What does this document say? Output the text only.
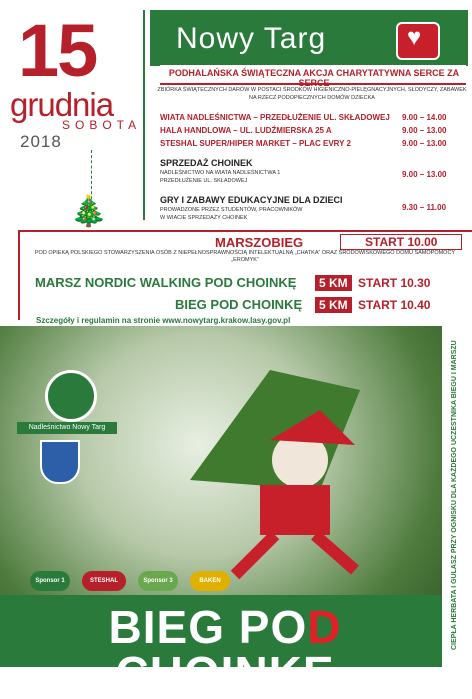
15
grudnia
SOBOTA
2018
🎄
Nowy Targ	♥
PODHALAŃSKA ŚWIĄTECZNA AKCJA CHARYTATYWNA SERCE ZA SERCE
ZBIÓRKA ŚWIĄTECZNYCH DARÓW W POSTACI ŚRODKÓW HIGIENICZNO-PIELĘGNACYJNYCH, SŁODYCZY, ZABAWEK
NA RZECZ PODOPIECZNYCH DOMÓW DZIECKA
WIATA NADLEŚNICTWA – PRZEDŁUŻENIE UL. SKŁADOWEJ 9.00 – 14.00
HALA HANDLOWA – UL. LUDŹMIERSKA 25 A	9.00 – 13.00
STESHAL SUPER/HIPER MARKET – PLAC EVRY 2	9.00 – 13.00
SPRZEDAŻ CHOINEK
NADLEŚNICTWO NA WIATA NADLEŚNICTWA 1
PRZEDŁUŻENIE UL. SKŁADOWEJ
9.00 – 13.00
GRY I ZABAWY EDUKACYJNE DLA DZIECI
PROWADZONE PRZEZ STUDENTÓW, PRACOWNIKÓW
W WIACIE SPRZEDAŻY CHOINEK
9.30 – 11.00
MARSZOBIEG	START 10.00
POD OPIEKĄ POLSKIEGO STOWARZYSZENIA OSÓB Z NIEPEŁNOSPRAWNOŚCIĄ INTELEKTUALNĄ „CHATKA” ORAZ ŚRODOWISKOWEGO DOMU SAMOPOMOCY „EROMYK”
MARSZ NORDIC WALKING POD CHOINKĘ	5 KM START 10.30
BIEG POD CHOINKĘ	5 KM START 10.40
Szczegóły i regulamin na stronie www.nowytarg.krakow.lasy.gov.pl
Nadleśnictwo Nowy Targ	CIEPŁA HERBATA I GULASZ PRZY OGNISKU DLA KAŻDEGO UCZESTNIKA BIEGU I MARSZU
Sponsor 1	STESHAL	Sponsor 3	BAKEN
BIEG POD CHOINKĘ
